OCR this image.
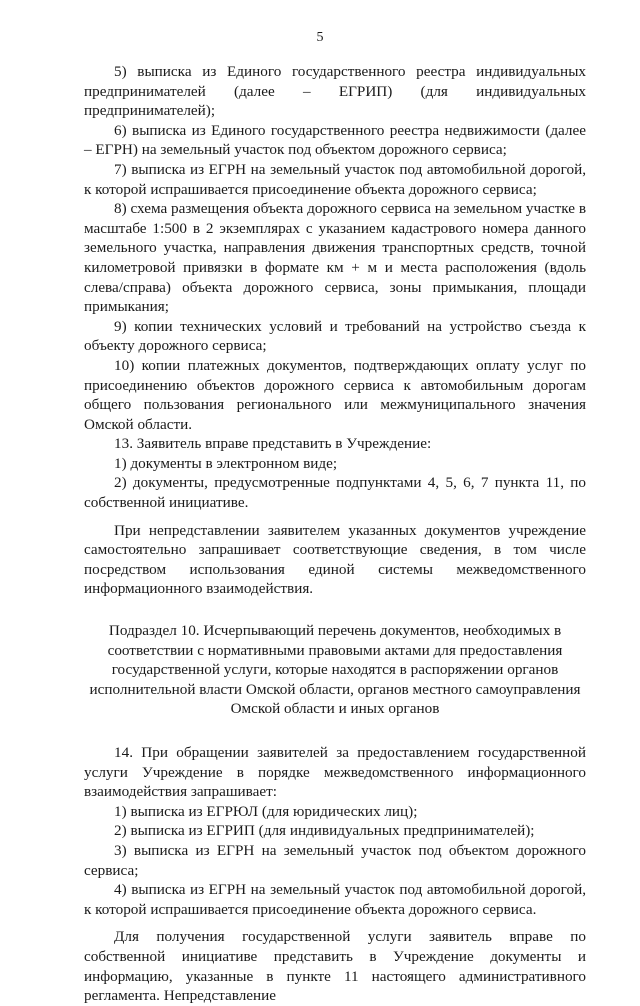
5

5) выписка из Единого государственного реестра индивидуальных предпринимателей (далее – ЕГРИП) (для индивидуальных предпринимателей);

6) выписка из Единого государственного реестра недвижимости (далее – ЕГРН) на земельный участок под объектом дорожного сервиса;

7) выписка из ЕГРН на земельный участок под автомобильной дорогой, к которой испрашивается присоединение объекта дорожного сервиса;

8) схема размещения объекта дорожного сервиса на земельном участке в масштабе 1:500 в 2 экземплярах с указанием кадастрового номера данного земельного участка, направления движения транспортных средств, точной километровой привязки в формате км + м и места расположения (вдоль слева/справа) объекта дорожного сервиса, зоны примыкания, площади примыкания;

9) копии технических условий и требований на устройство съезда к объекту дорожного сервиса;

10) копии платежных документов, подтверждающих оплату услуг по присоединению объектов дорожного сервиса к автомобильным дорогам общего пользования регионального или межмуниципального значения Омской области.

13. Заявитель вправе представить в Учреждение:

1) документы в электронном виде;

2) документы, предусмотренные подпунктами 4, 5, 6, 7 пункта 11, по собственной инициативе.

При непредставлении заявителем указанных документов учреждение самостоятельно запрашивает соответствующие сведения, в том числе посредством использования единой системы межведомственного информационного взаимодействия.

Подраздел 10. Исчерпывающий перечень документов, необходимых в соответствии с нормативными правовыми актами для предоставления государственной услуги, которые находятся в распоряжении органов исполнительной власти Омской области, органов местного самоуправления Омской области и иных органов

14. При обращении заявителей за предоставлением государственной услуги Учреждение в порядке межведомственного информационного взаимодействия запрашивает:

1) выписка из ЕГРЮЛ (для юридических лиц);

2) выписка из ЕГРИП (для индивидуальных предпринимателей);

3) выписка из ЕГРН на земельный участок под объектом дорожного сервиса;

4) выписка из ЕГРН на земельный участок под автомобильной дорогой, к которой испрашивается присоединение объекта дорожного сервиса.

Для получения государственной услуги заявитель вправе по собственной инициативе представить в Учреждение документы и информацию, указанные в пункте 11 настоящего административного регламента. Непредставление
